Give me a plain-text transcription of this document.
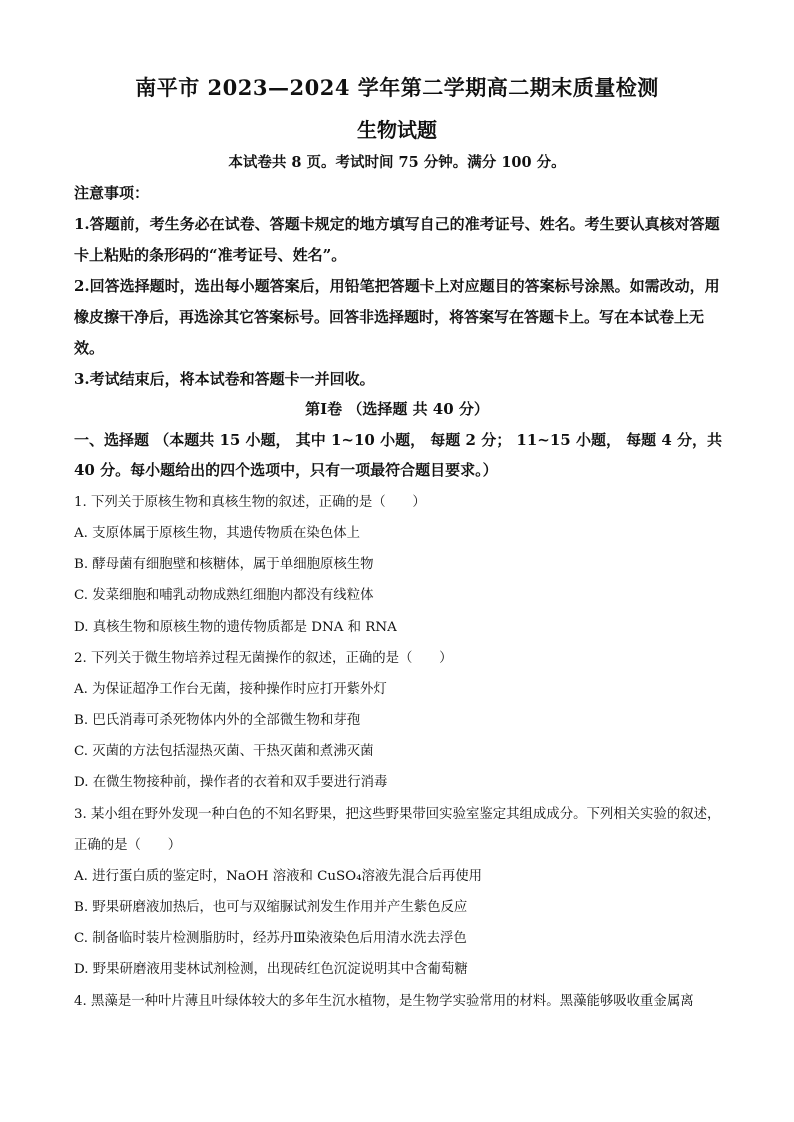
南平市 2023—2024 学年第二学期高二期末质量检测
生物试题
本试卷共 8 页。考试时间 75 分钟。满分 100 分。
注意事项：
1.答题前，考生务必在试卷、答题卡规定的地方填写自己的准考证号、姓名。考生要认真核对答题卡上粘贴的条形码的“准考证号、姓名”。
2.回答选择题时，选出每小题答案后，用铅笔把答题卡上对应题目的答案标号涂黑。如需改动，用橡皮擦干净后，再选涂其它答案标号。回答非选择题时，将答案写在答题卡上。写在本试卷上无效。
3.考试结束后，将本试卷和答题卡一并回收。
第Ⅰ卷 （选择题 共 40 分）
一、选择题 （本题共 15 小题， 其中 1~10 小题， 每题 2 分； 11~15 小题， 每题 4 分，共 40 分。每小题给出的四个选项中，只有一项最符合题目要求。）
1. 下列关于原核生物和真核生物的叙述，正确的是（　　）
A. 支原体属于原核生物，其遗传物质在染色体上
B. 酵母菌有细胞壁和核糖体，属于单细胞原核生物
C. 发菜细胞和哺乳动物成熟红细胞内都没有线粒体
D. 真核生物和原核生物的遗传物质都是 DNA 和 RNA
2. 下列关于微生物培养过程无菌操作的叙述，正确的是（　　）
A. 为保证超净工作台无菌，接种操作时应打开紫外灯
B. 巴氏消毒可杀死物体内外的全部微生物和芽孢
C. 灭菌的方法包括湿热灭菌、干热灭菌和煮沸灭菌
D. 在微生物接种前，操作者的衣着和双手要进行消毒
3. 某小组在野外发现一种白色的不知名野果，把这些野果带回实验室鉴定其组成成分。下列相关实验的叙述，正确的是（　　）
A. 进行蛋白质的鉴定时，NaOH 溶液和 CuSO₄溶液先混合后再使用
B. 野果研磨液加热后，也可与双缩脲试剂发生作用并产生紫色反应
C. 制备临时装片检测脂肪时，经苏丹Ⅲ染液染色后用清水洗去浮色
D. 野果研磨液用斐林试剂检测，出现砖红色沉淀说明其中含葡萄糖
4. 黑藻是一种叶片薄且叶绿体较大的多年生沉水植物，是生物学实验常用的材料。黑藻能够吸收重金属离
